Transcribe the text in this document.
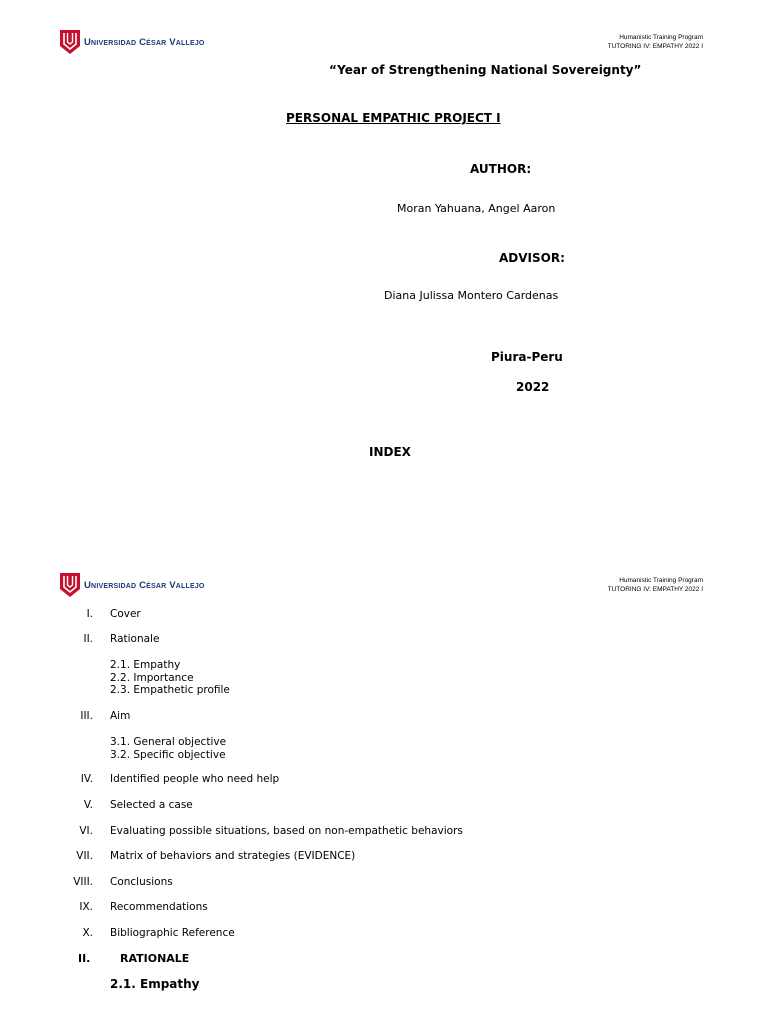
Universidad César Vallejo	Humanistic Training Program
TUTORING IV: EMPATHY 2022 I
“Year of Strengthening National Sovereignty”
PERSONAL EMPATHIC PROJECT I
AUTHOR:
Moran Yahuana, Angel Aaron
ADVISOR:
Diana Julissa Montero Cardenas
Piura-Peru
2022
INDEX
Universidad César Vallejo	Humanistic Training Program
TUTORING IV: EMPATHY 2022 I
I. Cover
II. Rationale
2.1. Empathy
2.2. Importance
2.3. Empathetic profile
III. Aim
3.1. General objective
3.2. Specific objective
IV. Identified people who need help
V. Selected a case
VI. Evaluating possible situations, based on non-empathetic behaviors
VII. Matrix of behaviors and strategies (EVIDENCE)
VIII. Conclusions
IX. Recommendations
X. Bibliographic Reference
II.	RATIONALE
2.1. Empathy
